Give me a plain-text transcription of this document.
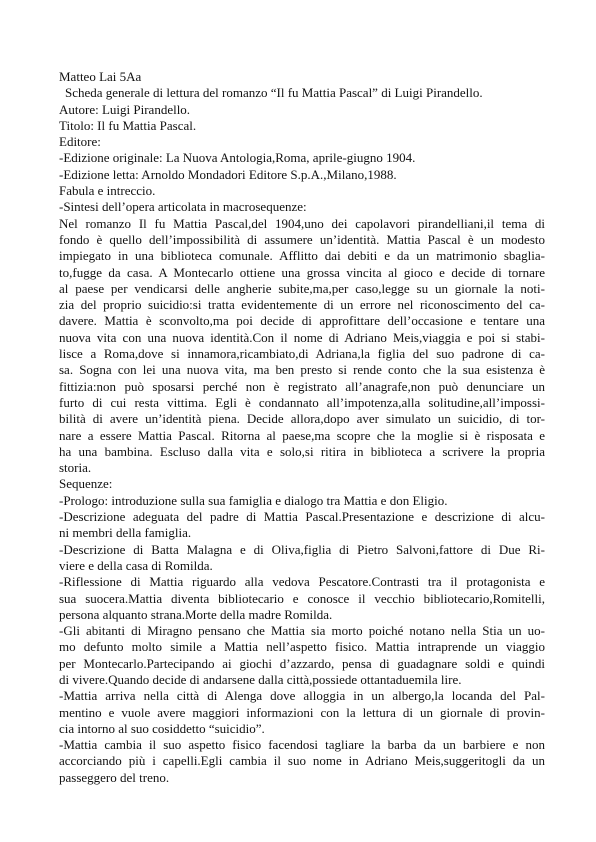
Matteo Lai 5Aa
Scheda generale di lettura del romanzo “Il fu Mattia Pascal” di Luigi Pirandello.
Autore: Luigi Pirandello.
Titolo: Il fu Mattia Pascal.
Editore:
-Edizione originale: La Nuova Antologia,Roma, aprile-giugno 1904.
-Edizione letta: Arnoldo Mondadori Editore S.p.A.,Milano,1988.
Fabula e intreccio.
-Sintesi dell’opera articolata in macrosequenze:
Nel romanzo Il fu Mattia Pascal,del 1904,uno dei capolavori pirandelliani,il tema di
fondo è quello dell’impossibilità di assumere un’identità. Mattia Pascal è un modesto
impiegato in una biblioteca comunale. Afflitto dai debiti e da un matrimonio sbaglia-
to,fugge da casa. A Montecarlo ottiene una grossa vincita al gioco e decide di tornare
al paese per vendicarsi delle angherie subite,ma,per caso,legge su un giornale la noti-
zia del proprio suicidio:si tratta evidentemente di un errore nel riconoscimento del ca-
davere. Mattia è sconvolto,ma poi decide di approfittare dell’occasione e tentare una
nuova vita con una nuova identità.Con il nome di Adriano Meis,viaggia e poi si stabi-
lisce a Roma,dove si innamora,ricambiato,di Adriana,la figlia del suo padrone di ca-
sa. Sogna con lei una nuova vita, ma ben presto si rende conto che la sua esistenza è
fittizia:non può sposarsi perché non è registrato all’anagrafe,non può denunciare un
furto di cui resta vittima. Egli è condannato all’impotenza,alla solitudine,all’impossi-
bilità di avere un’identità piena. Decide allora,dopo aver simulato un suicidio, di tor-
nare a essere Mattia Pascal. Ritorna al paese,ma scopre che la moglie si è risposata e
ha una bambina. Escluso dalla vita e solo,si ritira in biblioteca a scrivere la propria
storia.
Sequenze:
-Prologo: introduzione sulla sua famiglia e dialogo tra Mattia e don Eligio.
-Descrizione adeguata del padre di Mattia Pascal.Presentazione e descrizione di alcu-
ni membri della famiglia.
-Descrizione di Batta Malagna e di Oliva,figlia di Pietro Salvoni,fattore di Due Ri-
viere e della casa di Romilda.
-Riflessione di Mattia riguardo alla vedova Pescatore.Contrasti tra il protagonista e
sua suocera.Mattia diventa bibliotecario e conosce il vecchio bibliotecario,Romitelli,
persona alquanto strana.Morte della madre Romilda.
-Gli abitanti di Miragno pensano che Mattia sia morto poiché notano nella Stia un uo-
mo defunto molto simile a Mattia nell’aspetto fisico. Mattia intraprende un viaggio
per Montecarlo.Partecipando ai giochi d’azzardo, pensa di guadagnare soldi e quindi
di vivere.Quando decide di andarsene dalla città,possiede ottantaduemila lire.
-Mattia arriva nella città di Alenga dove alloggia in un albergo,la locanda del Pal-
mentino e vuole avere maggiori informazioni con la lettura di un giornale di provin-
cia intorno al suo cosiddetto “suicidio”.
-Mattia cambia il suo aspetto fisico facendosi tagliare la barba da un barbiere e non
accorciando più i capelli.Egli cambia il suo nome in Adriano Meis,suggeritogli da un
passeggero del treno.
